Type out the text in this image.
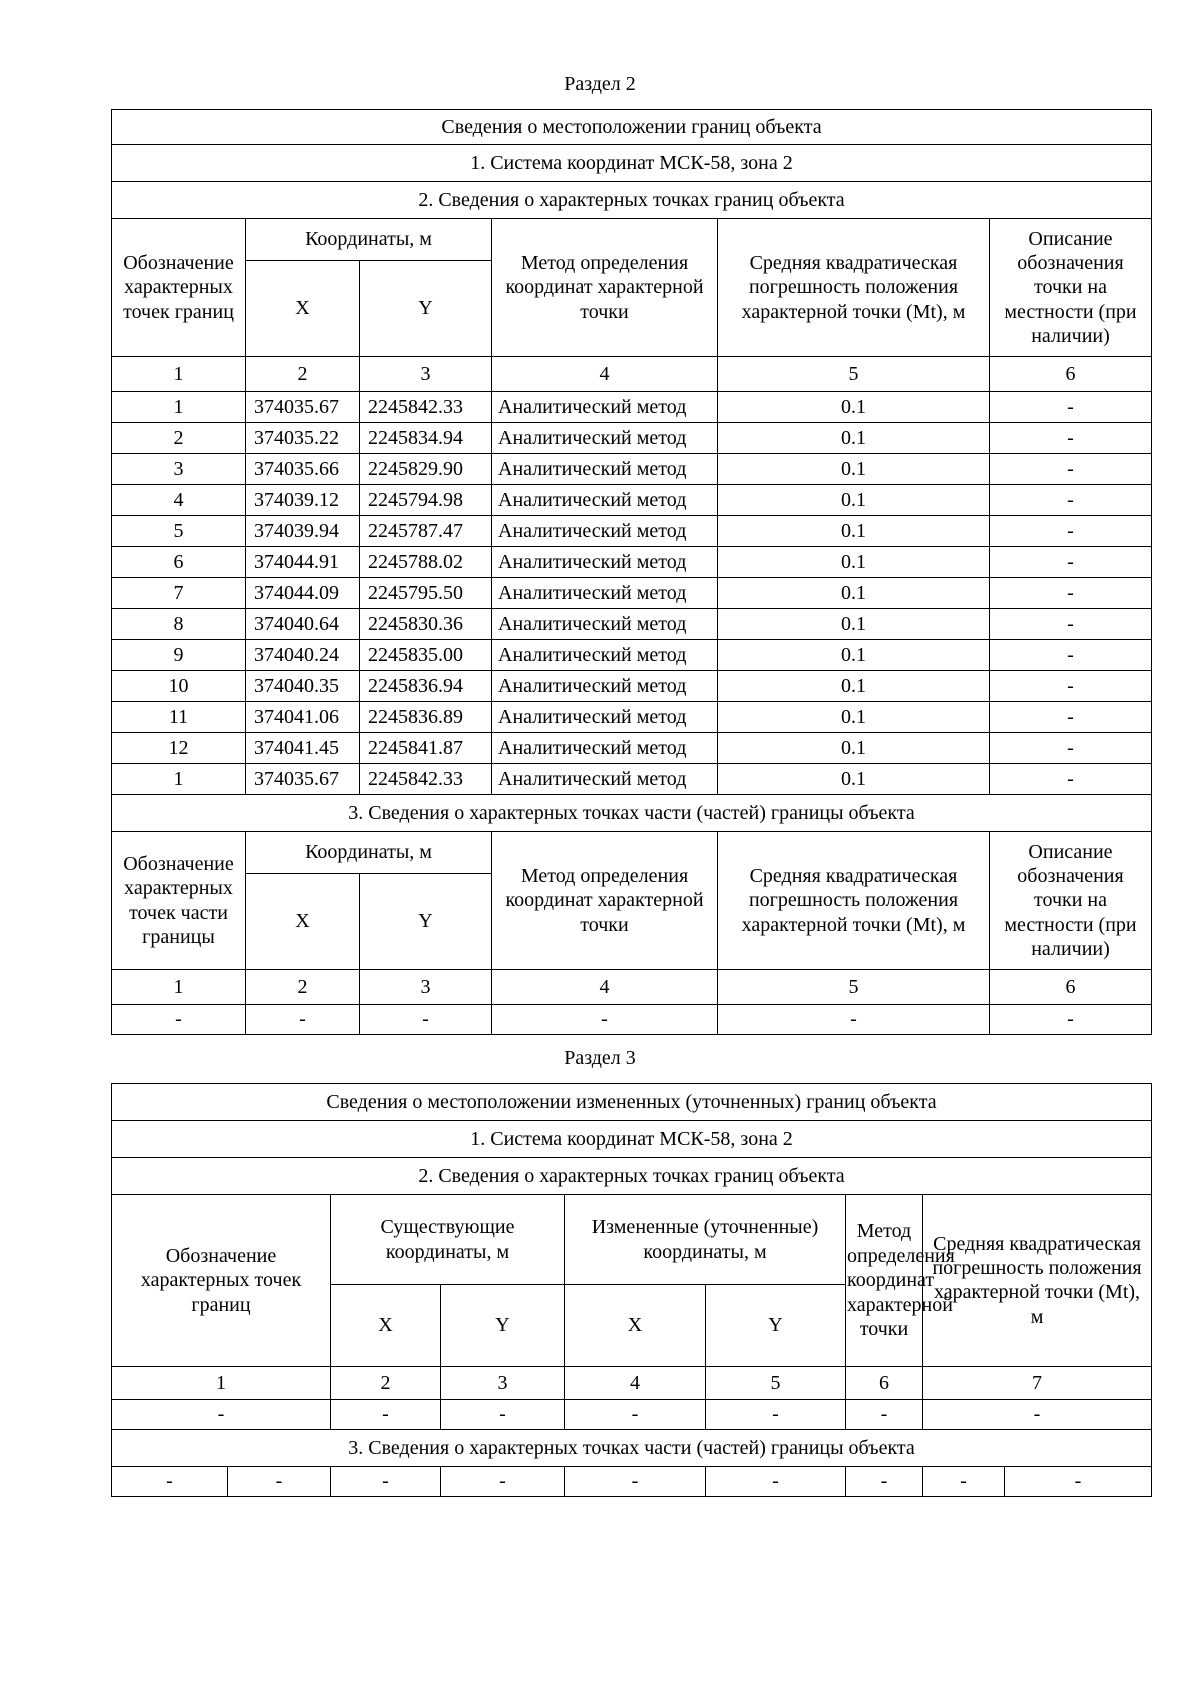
Раздел 2
Сведения о местоположении границ объекта					
1. Система координат МСК-58, зона 2					
2. Сведения о характерных точках границ объекта					
Обозначение характерных точек границ	Координаты, м		Метод определения координат характерной точки	Средняя квадратическая погрешность положения характерной точки (Mt), м	Описание обозначения точки на местности (при наличии)
	X	Y			
1	2	3	4	5	6
1	374035.67	2245842.33	Аналитический метод	0.1	-
2	374035.22	2245834.94	Аналитический метод	0.1	-
3	374035.66	2245829.90	Аналитический метод	0.1	-
4	374039.12	2245794.98	Аналитический метод	0.1	-
5	374039.94	2245787.47	Аналитический метод	0.1	-
6	374044.91	2245788.02	Аналитический метод	0.1	-
7	374044.09	2245795.50	Аналитический метод	0.1	-
8	374040.64	2245830.36	Аналитический метод	0.1	-
9	374040.24	2245835.00	Аналитический метод	0.1	-
10	374040.35	2245836.94	Аналитический метод	0.1	-
11	374041.06	2245836.89	Аналитический метод	0.1	-
12	374041.45	2245841.87	Аналитический метод	0.1	-
1	374035.67	2245842.33	Аналитический метод	0.1	-
3. Сведения о характерных точках части (частей) границы объекта					
Обозначение характерных точек части границы	Координаты, м		Метод определения координат характерной точки	Средняя квадратическая погрешность положения характерной точки (Mt), м	Описание обозначения точки на местности (при наличии)
	X	Y			
1	2	3	4	5	6
-	-	-	-	-	-
Раздел 3
Сведения о местоположении измененных (уточненных) границ объекта									
1. Система координат МСК-58, зона 2									
2. Сведения о характерных точках границ объекта									
Обозначение характерных точек границ		Существующие координаты, м		Измененные (уточненные) координаты, м		Метод определения координат характерной точки	Средняя квадратическая погрешность положения характерной точки (Mt), м	
		X	Y	X	Y				
1		2	3	4	5	6	7	
-		-	-	-	-	-	-	
3. Сведения о характерных точках части (частей) границы объекта									
-	-	-	-	-	-	-	-	-	
